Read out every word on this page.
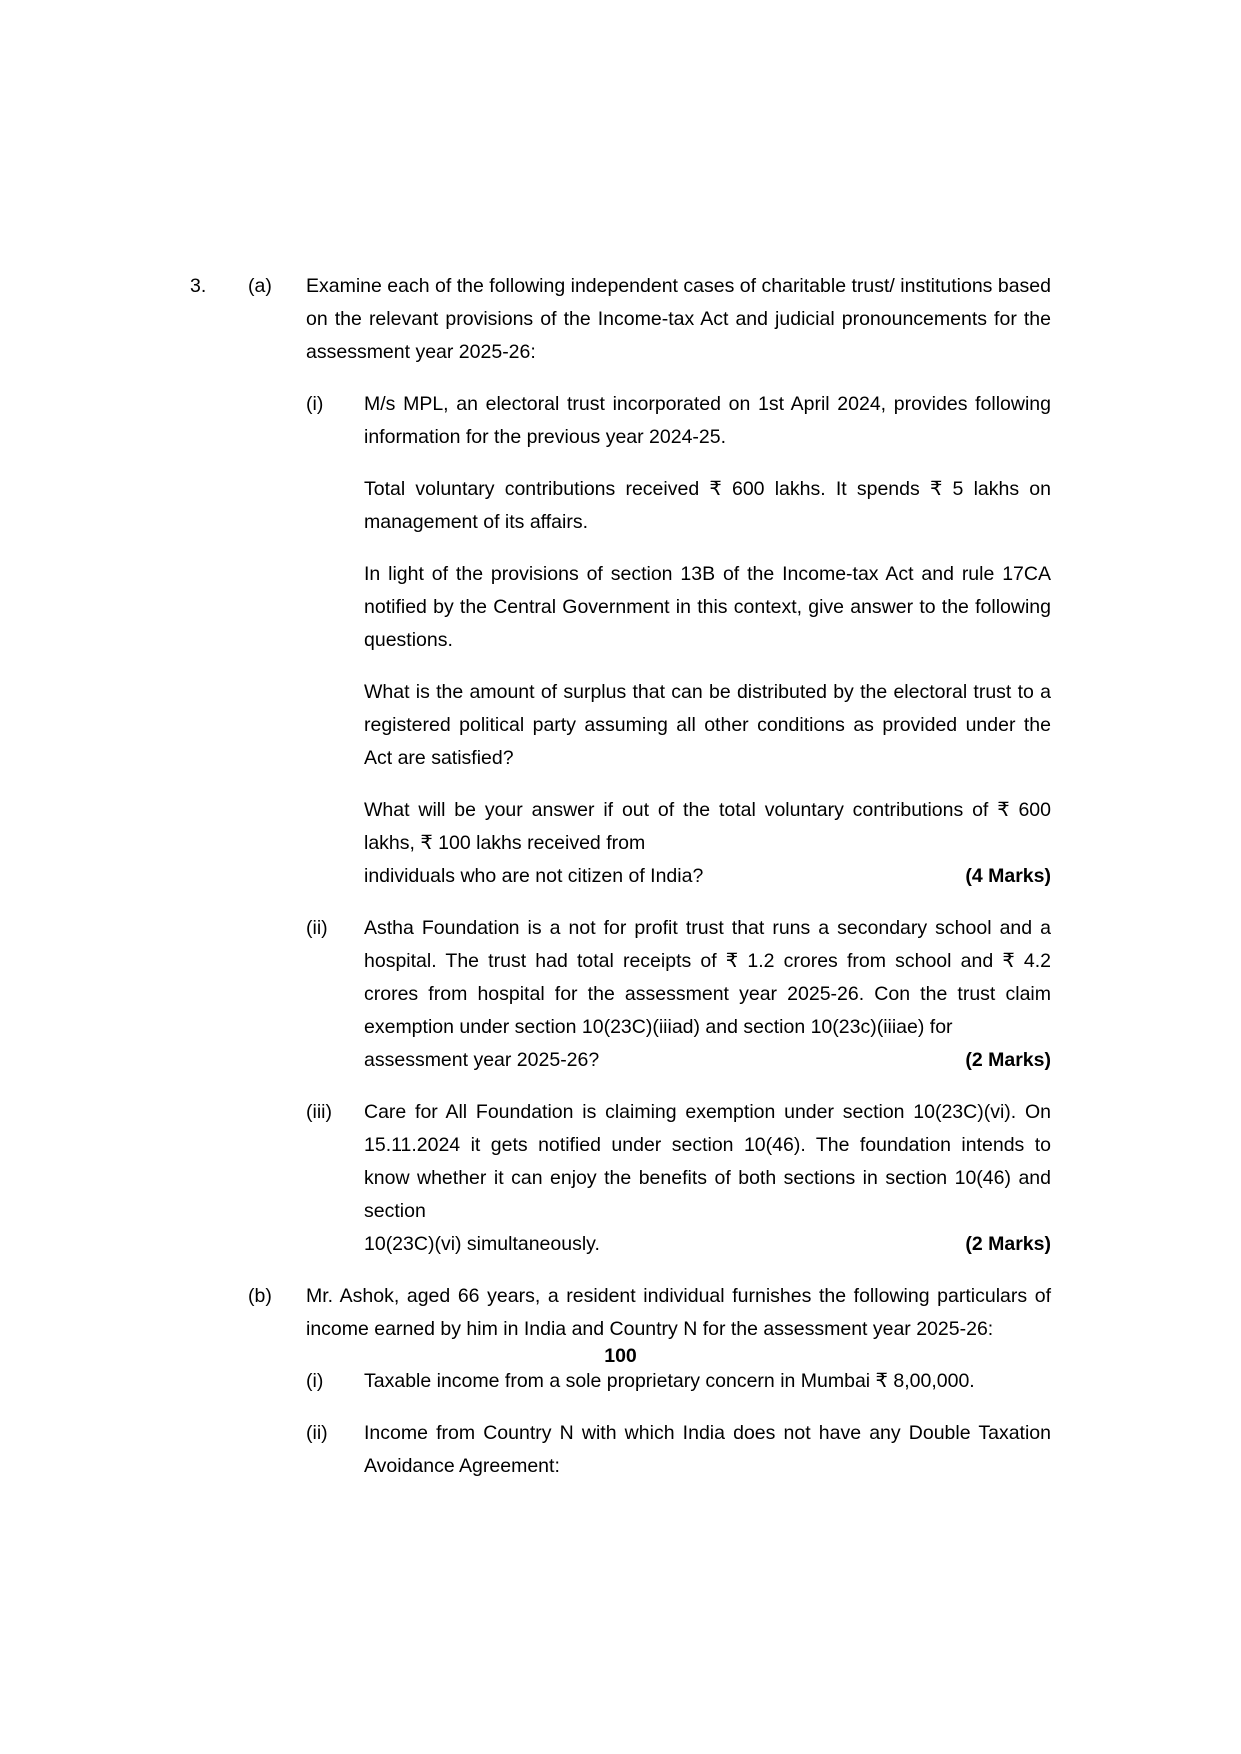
3.	(a)	Examine each of the following independent cases of charitable trust/ institutions based on the relevant provisions of the Income-tax Act and judicial pronouncements for the assessment year 2025-26:
(i)	M/s MPL, an electoral trust incorporated on 1st April 2024, provides following information for the previous year 2024-25.
Total voluntary contributions received ₹ 600 lakhs. It spends ₹ 5 lakhs on management of its affairs.
In light of the provisions of section 13B of the Income-tax Act and rule 17CA notified by the Central Government in this context, give answer to the following questions.
What is the amount of surplus that can be distributed by the electoral trust to a registered political party assuming all other conditions as provided under the Act are satisfied?
What will be your answer if out of the total voluntary contributions of ₹ 600 lakhs, ₹ 100 lakhs received from
individuals who are not citizen of India?	(4 Marks)
(ii)	Astha Foundation is a not for profit trust that runs a secondary school and a hospital. The trust had total receipts of ₹ 1.2 crores from school and ₹ 4.2 crores from hospital for the assessment year 2025-26. Con the trust claim exemption under section 10(23C)(iiiad) and section 10(23c)(iiiae) for
assessment year 2025-26?	(2 Marks)
(iii)	Care for All Foundation is claiming exemption under section 10(23C)(vi). On 15.11.2024 it gets notified under section 10(46). The foundation intends to know whether it can enjoy the benefits of both sections in section 10(46) and section
10(23C)(vi) simultaneously.	(2 Marks)
(b)	Mr. Ashok, aged 66 years, a resident individual furnishes the following particulars of income earned by him in India and Country N for the assessment year 2025-26:
(i)	Taxable income from a sole proprietary concern in Mumbai ₹ 8,00,000.
(ii)	Income from Country N with which India does not have any Double Taxation Avoidance Agreement:
100
